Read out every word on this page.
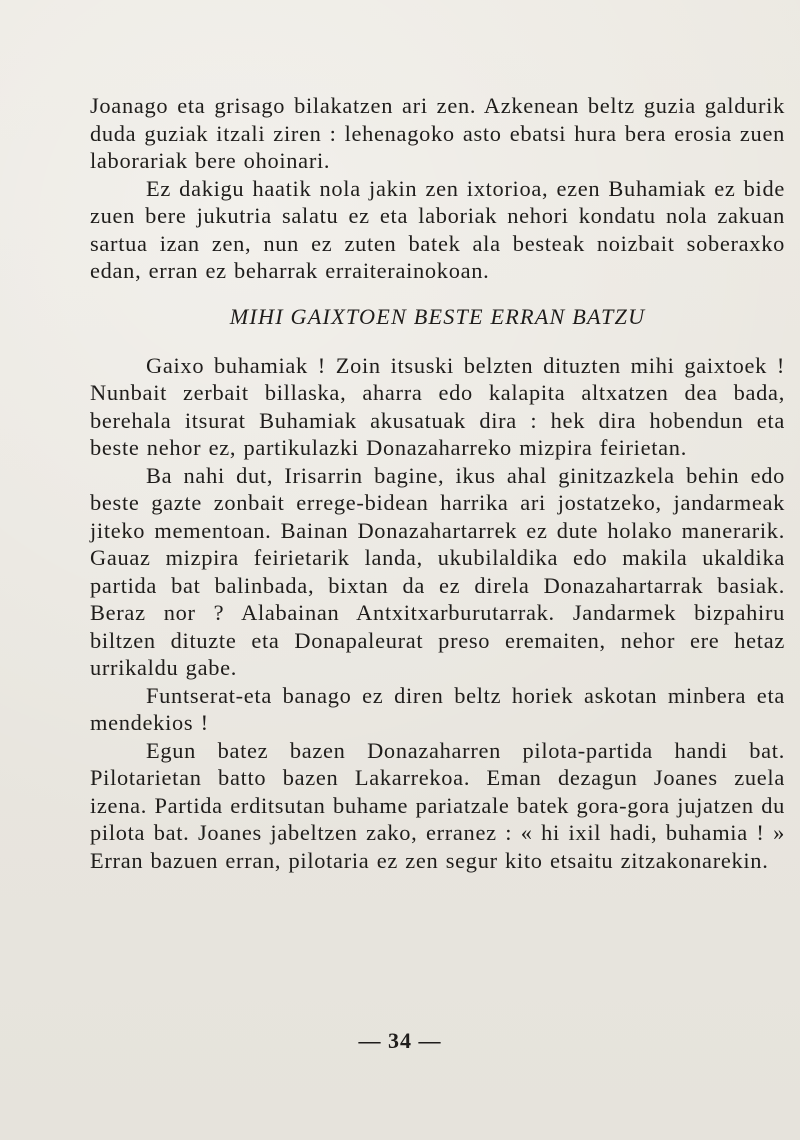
Joanago eta grisago bilakatzen ari zen. Azkenean beltz guzia galdurik duda guziak itzali ziren : lehenagoko asto ebatsi hura bera erosia zuen laborariak bere ohoinari.

Ez dakigu haatik nola jakin zen ixtorioa, ezen Buhamiak ez bide zuen bere jukutria salatu ez eta laboriak nehori kondatu nola zakuan sartua izan zen, nun ez zuten batek ala besteak noizbait soberaxko edan, erran ez beharrak erraiterainokoan.

MIHI GAIXTOEN BESTE ERRAN BATZU

Gaixo buhamiak ! Zoin itsuski belzten dituzten mihi gaixtoek ! Nunbait zerbait billaska, aharra edo kalapita altxatzen dea bada, berehala itsurat Buhamiak akusatuak dira : hek dira hobendun eta beste nehor ez, partikulazki Donazaharreko mizpira feirietan.

Ba nahi dut, Irisarrin bagine, ikus ahal ginitzazkela behin edo beste gazte zonbait errege-bidean harrika ari jostatzeko, jandarmeak jiteko mementoan. Bainan Donazahartarrek ez dute holako manerarik. Gauaz mizpira feirietarik landa, ukubilaldika edo makila ukaldika partida bat balinbada, bixtan da ez direla Donazahartarrak basiak. Beraz nor ? Alabainan Antxitxarburutarrak. Jandarmek bizpahiru biltzen dituzte eta Donapaleurat preso eremaiten, nehor ere hetaz urrikaldu gabe.

Funtserat-eta banago ez diren beltz horiek askotan minbera eta mendekios !

Egun batez bazen Donazaharren pilota-partida handi bat. Pilotarietan batto bazen Lakarrekoa. Eman dezagun Joanes zuela izena. Partida erditsutan buhame pariatzale batek gora-gora jujatzen du pilota bat. Joanes jabeltzen zako, erranez : « hi ixil hadi, buhamia ! » Erran bazuen erran, pilotaria ez zen segur kito etsaitu zitzakonarekin.

— 34 —
